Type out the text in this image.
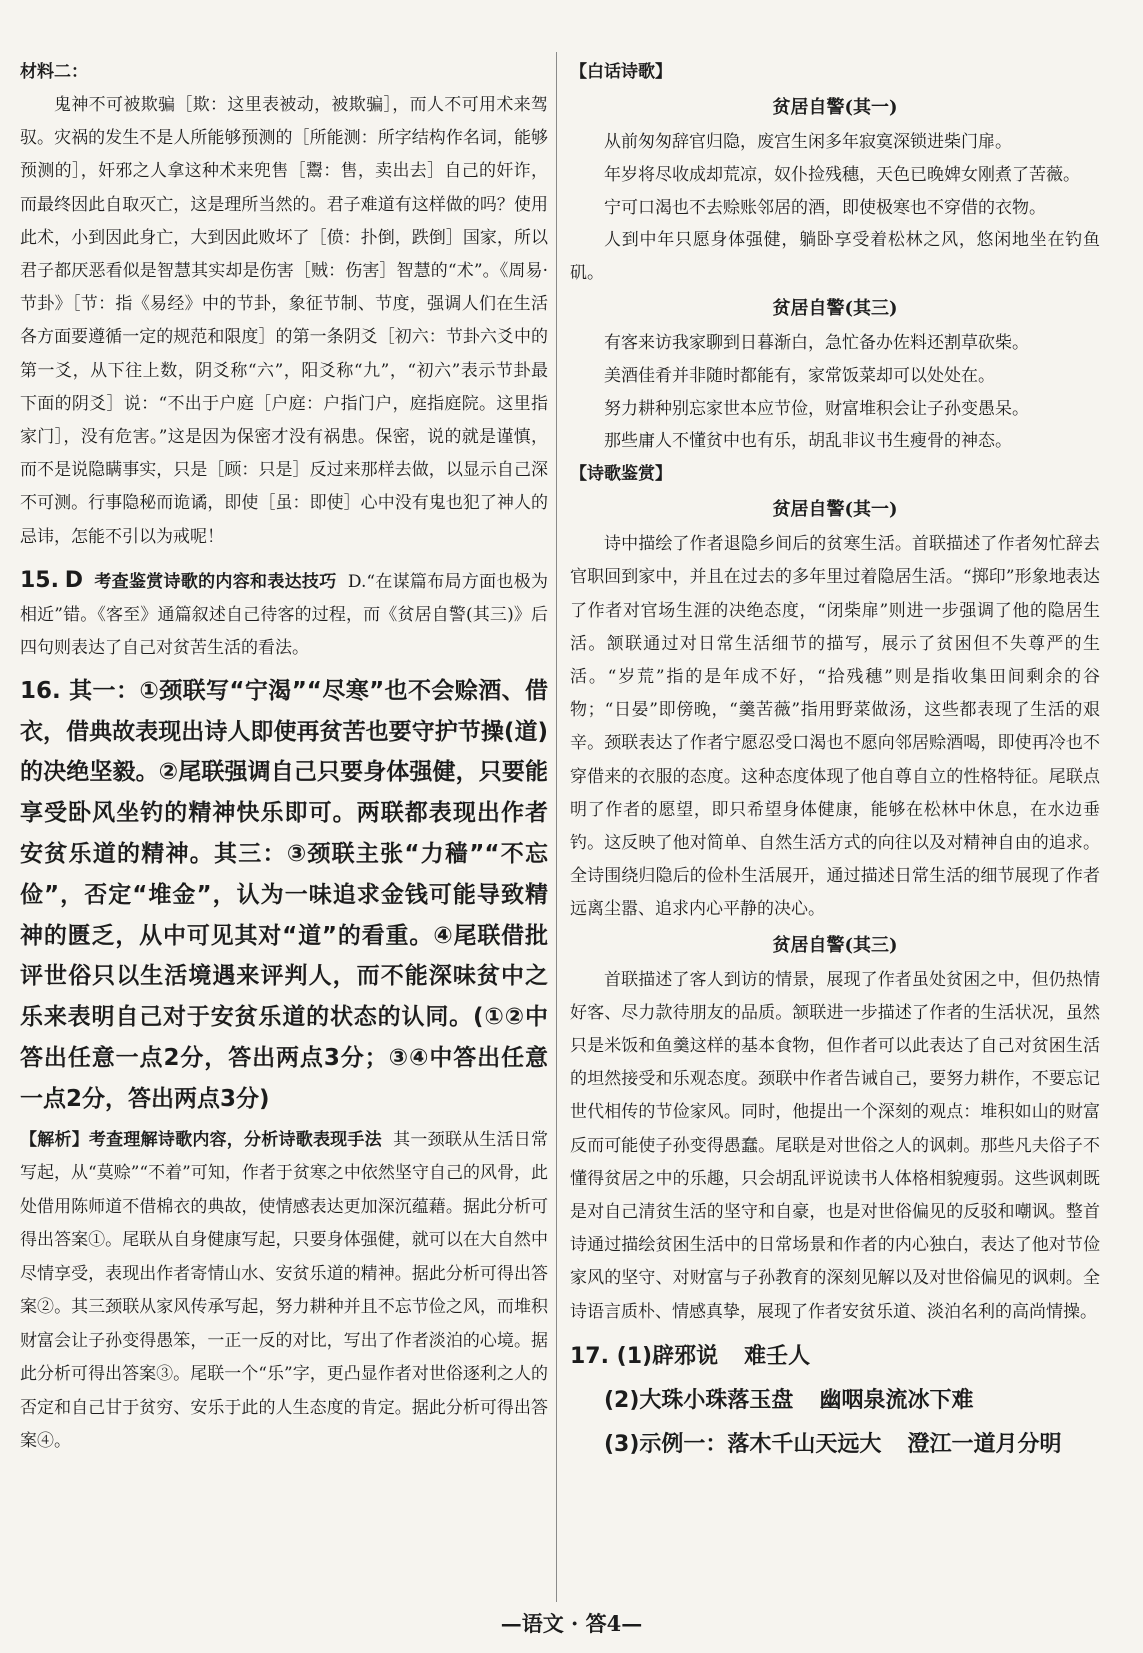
材料二：

鬼神不可被欺骗［欺：这里表被动，被欺骗］，而人不可用术来驾驭。灾祸的发生不是人所能够预测的［所能测：所字结构作名词，能够预测的］，奸邪之人拿这种术来兜售［鬻：售，卖出去］自己的奸诈，而最终因此自取灭亡，这是理所当然的。君子难道有这样做的吗？使用此术，小到因此身亡，大到因此败坏了［偾：扑倒，跌倒］国家，所以君子都厌恶看似是智慧其实却是伤害［贼：伤害］智慧的“术”。《周易·节卦》［节：指《易经》中的节卦，象征节制、节度，强调人们在生活各方面要遵循一定的规范和限度］的第一条阴爻［初六：节卦六爻中的第一爻，从下往上数，阴爻称“六”，阳爻称“九”，“初六”表示节卦最下面的阴爻］说：“不出于户庭［户庭：户指门户，庭指庭院。这里指家门］，没有危害。”这是因为保密才没有祸患。保密，说的就是谨慎，而不是说隐瞒事实，只是［顾：只是］反过来那样去做，以显示自己深不可测。行事隐秘而诡谲，即使［虽：即使］心中没有鬼也犯了神人的忌讳，怎能不引以为戒呢！

15. D 考查鉴赏诗歌的内容和表达技巧 D.“在谋篇布局方面也极为相近”错。《客至》通篇叙述自己待客的过程，而《贫居自警(其三)》后四句则表达了自己对贫苦生活的看法。

16. 其一：①颈联写“宁渴”“尽寒”也不会赊酒、借衣，借典故表现出诗人即使再贫苦也要守护节操(道)的决绝坚毅。②尾联强调自己只要身体强健，只要能享受卧风坐钓的精神快乐即可。两联都表现出作者安贫乐道的精神。其三：③颈联主张“力穑”“不忘俭”，否定“堆金”，认为一味追求金钱可能导致精神的匮乏，从中可见其对“道”的看重。④尾联借批评世俗只以生活境遇来评判人，而不能深味贫中之乐来表明自己对于安贫乐道的状态的认同。(①②中答出任意一点2分，答出两点3分；③④中答出任意一点2分，答出两点3分)

【解析】考查理解诗歌内容，分析诗歌表现手法 其一颈联从生活日常写起，从“莫赊”“不着”可知，作者于贫寒之中依然坚守自己的风骨，此处借用陈师道不借棉衣的典故，使情感表达更加深沉蕴藉。据此分析可得出答案①。尾联从自身健康写起，只要身体强健，就可以在大自然中尽情享受，表现出作者寄情山水、安贫乐道的精神。据此分析可得出答案②。其三颈联从家风传承写起，努力耕种并且不忘节俭之风，而堆积财富会让子孙变得愚笨，一正一反的对比，写出了作者淡泊的心境。据此分析可得出答案③。尾联一个“乐”字，更凸显作者对世俗逐利之人的否定和自己甘于贫穷、安乐于此的人生态度的肯定。据此分析可得出答案④。

【白话诗歌】

贫居自警(其一)

从前匆匆辞官归隐，废宫生闲多年寂寞深锁进柴门扉。

年岁将尽收成却荒凉，奴仆捡残穗，天色已晚婢女刚煮了苦薇。

宁可口渴也不去赊账邻居的酒，即使极寒也不穿借的衣物。

人到中年只愿身体强健，躺卧享受着松林之风，悠闲地坐在钓鱼矶。

贫居自警(其三)

有客来访我家聊到日暮渐白，急忙备办佐料还割草砍柴。

美酒佳肴并非随时都能有，家常饭菜却可以处处在。

努力耕种别忘家世本应节俭，财富堆积会让子孙变愚呆。

那些庸人不懂贫中也有乐，胡乱非议书生瘦骨的神态。

【诗歌鉴赏】

贫居自警(其一)

诗中描绘了作者退隐乡间后的贫寒生活。首联描述了作者匆忙辞去官职回到家中，并且在过去的多年里过着隐居生活。“掷印”形象地表达了作者对官场生涯的决绝态度，“闭柴扉”则进一步强调了他的隐居生活。颔联通过对日常生活细节的描写，展示了贫困但不失尊严的生活。“岁荒”指的是年成不好，“拾残穗”则是指收集田间剩余的谷物；“日晏”即傍晚，“羹苦薇”指用野菜做汤，这些都表现了生活的艰辛。颈联表达了作者宁愿忍受口渴也不愿向邻居赊酒喝，即使再冷也不穿借来的衣服的态度。这种态度体现了他自尊自立的性格特征。尾联点明了作者的愿望，即只希望身体健康，能够在松林中休息，在水边垂钓。这反映了他对简单、自然生活方式的向往以及对精神自由的追求。全诗围绕归隐后的俭朴生活展开，通过描述日常生活的细节展现了作者远离尘嚣、追求内心平静的决心。

贫居自警(其三)

首联描述了客人到访的情景，展现了作者虽处贫困之中，但仍热情好客、尽力款待朋友的品质。颔联进一步描述了作者的生活状况，虽然只是米饭和鱼羹这样的基本食物，但作者可以此表达了自己对贫困生活的坦然接受和乐观态度。颈联中作者告诫自己，要努力耕作，不要忘记世代相传的节俭家风。同时，他提出一个深刻的观点：堆积如山的财富反而可能使子孙变得愚蠢。尾联是对世俗之人的讽刺。那些凡夫俗子不懂得贫居之中的乐趣，只会胡乱评说读书人体格相貌瘦弱。这些讽刺既是对自己清贫生活的坚守和自豪，也是对世俗偏见的反驳和嘲讽。整首诗通过描绘贫困生活中的日常场景和作者的内心独白，表达了他对节俭家风的坚守、对财富与子孙教育的深刻见解以及对世俗偏见的讽刺。全诗语言质朴、情感真挚，展现了作者安贫乐道、淡泊名利的高尚情操。

17. (1)辟邪说 难壬人
(2)大珠小珠落玉盘 幽咽泉流冰下难
(3)示例一：落木千山天远大 澄江一道月分明
—语文 · 答4—
